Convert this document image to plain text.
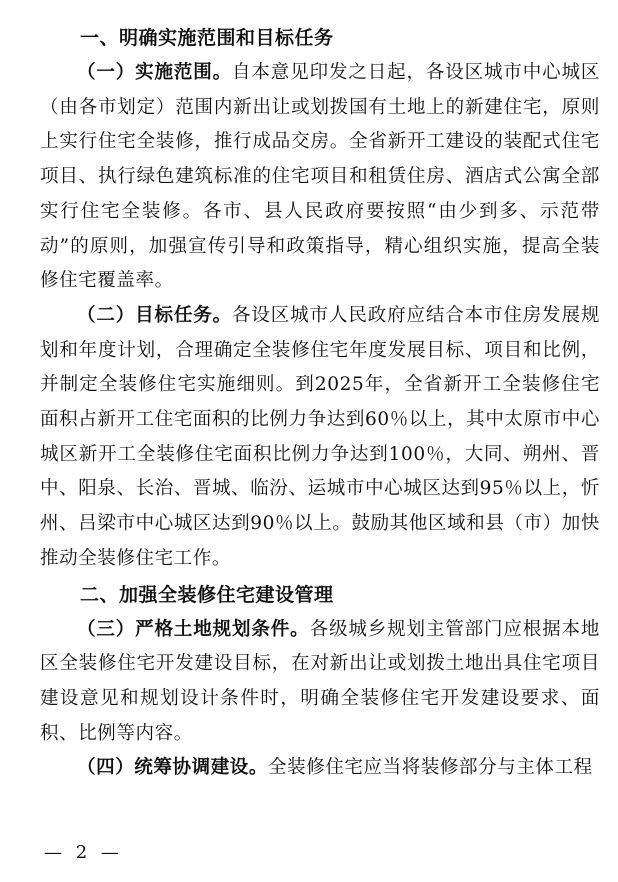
一、明确实施范围和目标任务

（一）实施范围。自本意见印发之日起，各设区城市中心城区（由各市划定）范围内新出让或划拨国有土地上的新建住宅，原则上实行住宅全装修，推行成品交房。全省新开工建设的装配式住宅项目、执行绿色建筑标准的住宅项目和租赁住房、酒店式公寓全部实行住宅全装修。各市、县人民政府要按照“由少到多、示范带动”的原则，加强宣传引导和政策指导，精心组织实施，提高全装修住宅覆盖率。

（二）目标任务。各设区城市人民政府应结合本市住房发展规划和年度计划，合理确定全装修住宅年度发展目标、项目和比例，并制定全装修住宅实施细则。到2025年，全省新开工全装修住宅面积占新开工住宅面积的比例力争达到60％以上，其中太原市中心城区新开工全装修住宅面积比例力争达到100％，大同、朔州、晋中、阳泉、长治、晋城、临汾、运城市中心城区达到95％以上，忻州、吕梁市中心城区达到90％以上。鼓励其他区域和县（市）加快推动全装修住宅工作。

二、加强全装修住宅建设管理

（三）严格土地规划条件。各级城乡规划主管部门应根据本地区全装修住宅开发建设目标，在对新出让或划拨土地出具住宅项目建设意见和规划设计条件时，明确全装修住宅开发建设要求、面积、比例等内容。

（四）统筹协调建设。全装修住宅应当将装修部分与主体工程

— 2 —
